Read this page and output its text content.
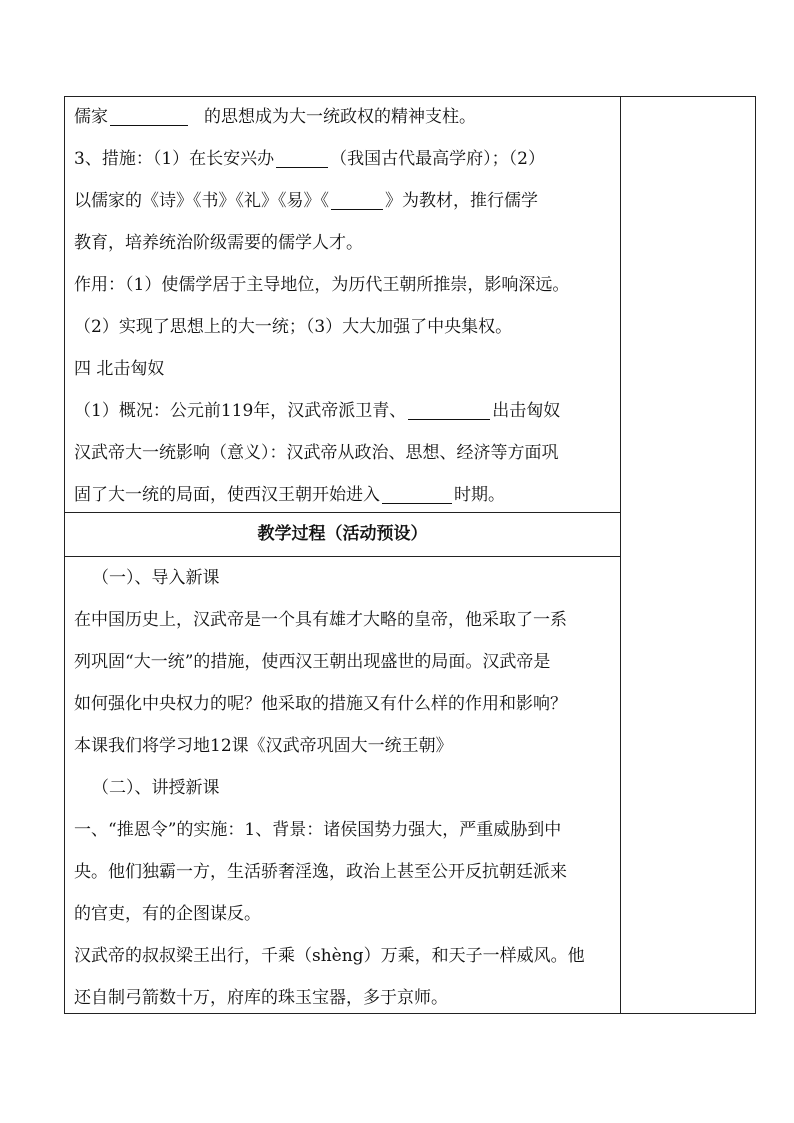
儒家	的思想成为大一统政权的精神支柱。
3、措施：（1）在长安兴办	（我国古代最高学府）；（2）
以儒家的《诗》《书》《礼》《易》《	》为教材，推行儒学
教育，培养统治阶级需要的儒学人才。
作用：（1）使儒学居于主导地位，为历代王朝所推崇，影响深远。
（2）实现了思想上的大一统；（3）大大加强了中央集权。
四 北击匈奴
（1）概况：公元前119年，汉武帝派卫青、	出击匈奴
汉武帝大一统影响（意义）：汉武帝从政治、思想、经济等方面巩
固了大一统的局面，使西汉王朝开始进入	时期。
教学过程（活动预设）
（一）、导入新课
在中国历史上，汉武帝是一个具有雄才大略的皇帝，他采取了一系
列巩固“大一统”的措施，使西汉王朝出现盛世的局面。汉武帝是
如何强化中央权力的呢？他采取的措施又有什么样的作用和影响？
本课我们将学习地12课《汉武帝巩固大一统王朝》
（二）、讲授新课
一、“推恩令”的实施：1、背景：诸侯国势力强大，严重威胁到中
央。他们独霸一方，生活骄奢淫逸，政治上甚至公开反抗朝廷派来
的官吏，有的企图谋反。
汉武帝的叔叔梁王出行，千乘（shèng）万乘，和天子一样威风。他
还自制弓箭数十万，府库的珠玉宝器，多于京师。
